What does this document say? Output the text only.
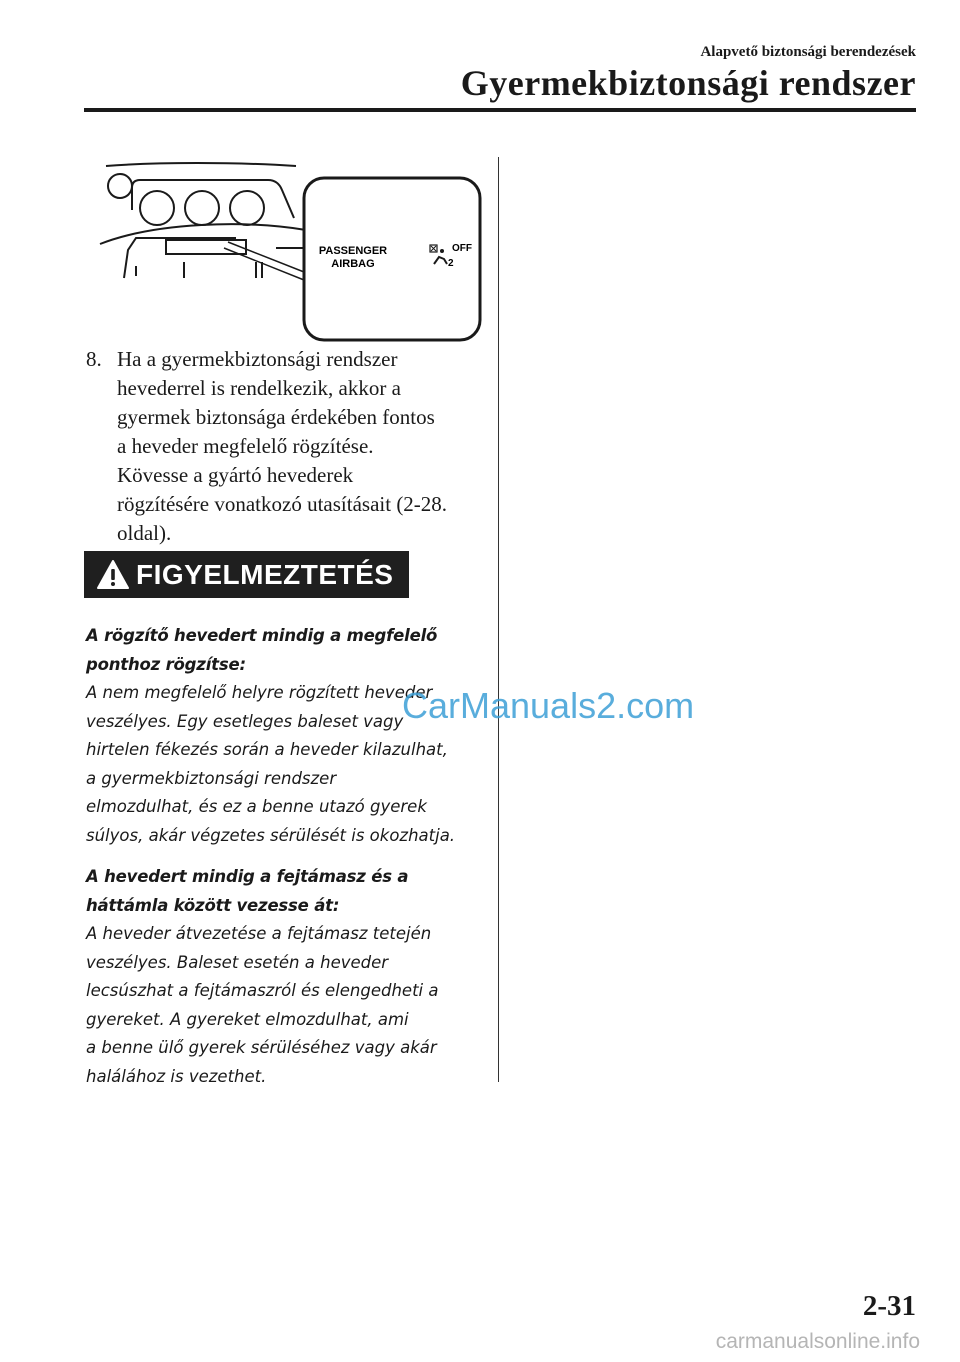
Alapvető biztonsági berendezések
Gyermekbiztonsági rendszer
PASSENGER
AIRBAG
OFF
2
8. Ha a gyermekbiztonsági rendszer
hevederrel is rendelkezik, akkor a
gyermek biztonsága érdekében fontos
a heveder megfelelő rögzítése.
Kövesse a gyártó hevederek
rögzítésére vonatkozó utasításait (2-28.
oldal).
FIGYELMEZTETÉS
A rögzítő hevedert mindig a megfelelő
ponthoz rögzítse:
A nem megfelelő helyre rögzített heveder
veszélyes. Egy esetleges baleset vagy
hirtelen fékezés során a heveder kilazulhat,
a gyermekbiztonsági rendszer
elmozdulhat, és ez a benne utazó gyerek
súlyos, akár végzetes sérülését is okozhatja.
A hevedert mindig a fejtámasz és a
háttámla között vezesse át:
A heveder átvezetése a fejtámasz tetején
veszélyes. Baleset esetén a heveder
lecsúszhat a fejtámaszról és elengedheti a
gyereket. A gyereket elmozdulhat, ami
a benne ülő gyerek sérüléséhez vagy akár
halálához is vezethet.
CarManuals2.com
2-31
carmanualsonline.info
